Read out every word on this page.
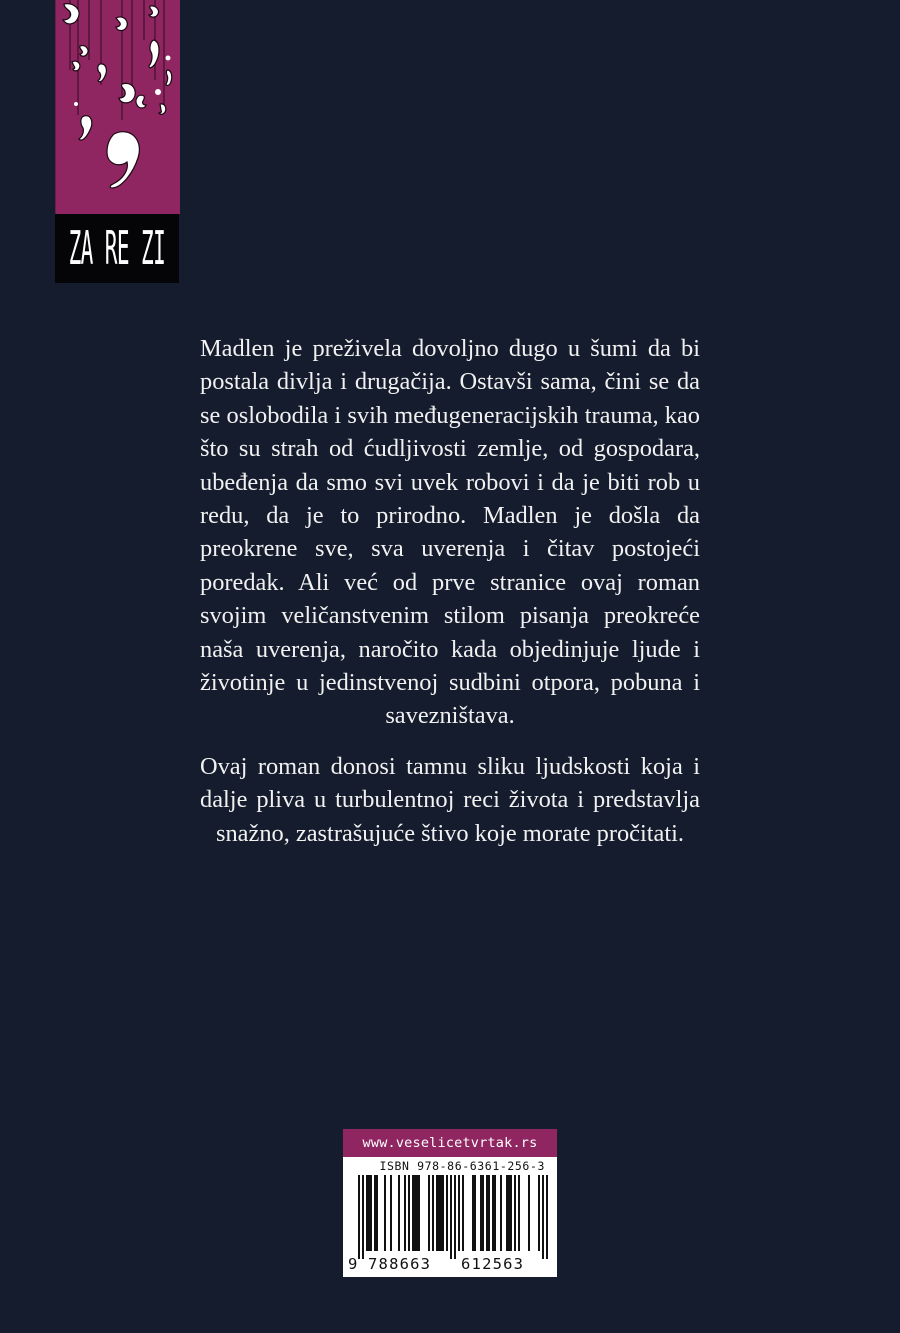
ZA RE ZI

Madlen je preživela dovoljno dugo u šumi da bi postala divlja i drugačija. Ostavši sama, čini se da se oslobodila i svih međugeneracijskih trauma, kao što su strah od ćudljivosti zemlje, od gospodara, ubeđenja da smo svi uvek robovi i da je biti rob u redu, da je to prirodno. Madlen je došla da preokrene sve, sva uverenja i čitav postojeći poredak. Ali već od prve stranice ovaj roman svojim veličanstvenim stilom pisanja preokreće naša uverenja, naročito kada objedinjuje ljude i životinje u jedinstvenoj sudbini otpora, pobuna i savezništava.

Ovaj roman donosi tamnu sliku ljudskosti koja i dalje pliva u turbulentnoj reci života i predstavlja snažno, zastrašujuće štivo koje morate pročitati.

www.veselicetvrtak.rs
ISBN 978-86-6361-256-3
9 788663 612563
